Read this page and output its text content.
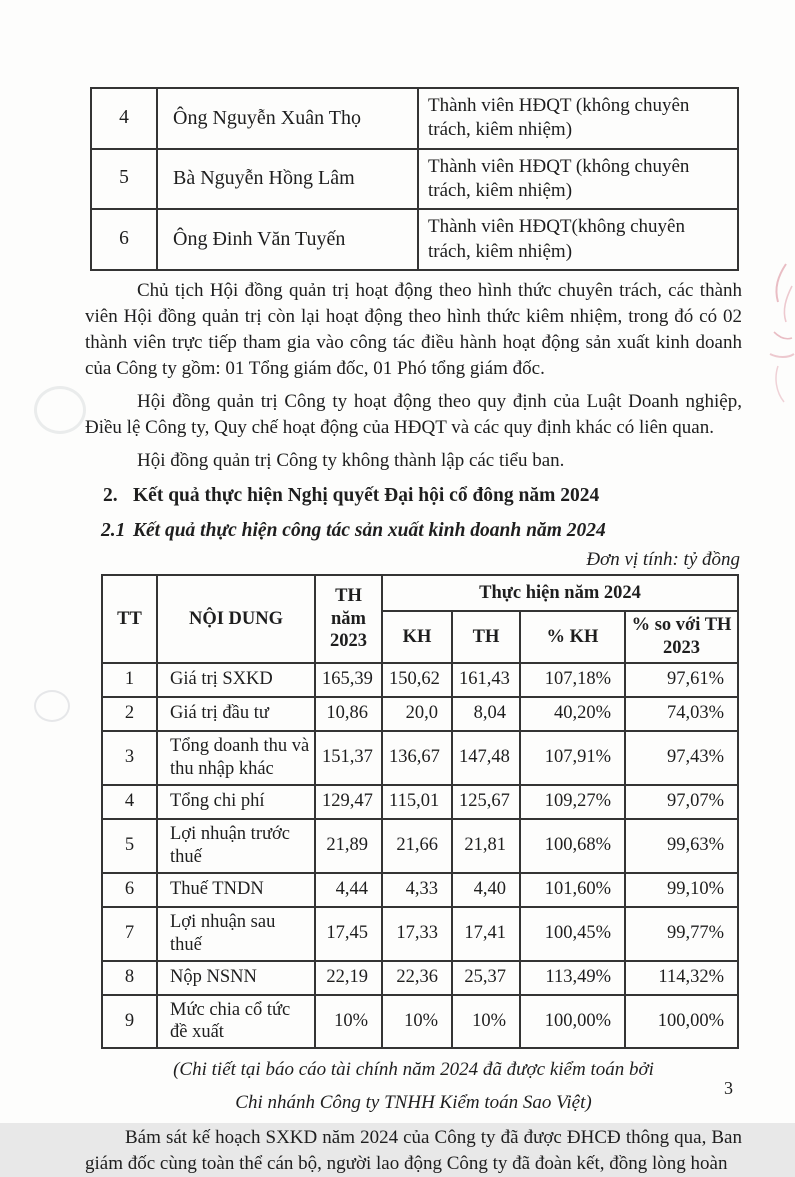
4	Ông Nguyễn Xuân Thọ	Thành viên HĐQT (không chuyên trách, kiêm nhiệm)
5	Bà Nguyễn Hồng Lâm	Thành viên HĐQT (không chuyên trách, kiêm nhiệm)
6	Ông Đinh Văn Tuyến	Thành viên HĐQT(không chuyên trách, kiêm nhiệm)

Chủ tịch Hội đồng quản trị hoạt động theo hình thức chuyên trách, các thành viên Hội đồng quản trị còn lại hoạt động theo hình thức kiêm nhiệm, trong đó có 02 thành viên trực tiếp tham gia vào công tác điều hành hoạt động sản xuất kinh doanh của Công ty gồm: 01 Tổng giám đốc, 01 Phó tổng giám đốc.

Hội đồng quản trị Công ty hoạt động theo quy định của Luật Doanh nghiệp, Điều lệ Công ty, Quy chế hoạt động của HĐQT và các quy định khác có liên quan.

Hội đồng quản trị Công ty không thành lập các tiểu ban.

2. Kết quả thực hiện Nghị quyết Đại hội cổ đông năm 2024
2.1 Kết quả thực hiện công tác sản xuất kinh doanh năm 2024
Đơn vị tính: tỷ đồng
TT	NỘI DUNG	TH năm 2023	Thực hiện năm 2024			
			KH	TH	% KH	% so với TH 2023
1	Giá trị SXKD	165,39	150,62	161,43	107,18%	97,61%
2	Giá trị đầu tư	10,86	20,0	8,04	40,20%	74,03%
3	Tổng doanh thu và thu nhập khác	151,37	136,67	147,48	107,91%	97,43%
4	Tổng chi phí	129,47	115,01	125,67	109,27%	97,07%
5	Lợi nhuận trước thuế	21,89	21,66	21,81	100,68%	99,63%
6	Thuế TNDN	4,44	4,33	4,40	101,60%	99,10%
7	Lợi nhuận sau thuế	17,45	17,33	17,41	100,45%	99,77%
8	Nộp NSNN	22,19	22,36	25,37	113,49%	114,32%
9	Mức chia cổ tức đề xuất	10%	10%	10%	100,00%	100,00%

(Chi tiết tại báo cáo tài chính năm 2024 đã được kiểm toán bởi

Chi nhánh Công ty TNHH Kiểm toán Sao Việt)

Bám sát kế hoạch SXKD năm 2024 của Công ty đã được ĐHCĐ thông qua, Ban giám đốc cùng toàn thể cán bộ, người lao động Công ty đã đoàn kết, đồng lòng hoàn

3
